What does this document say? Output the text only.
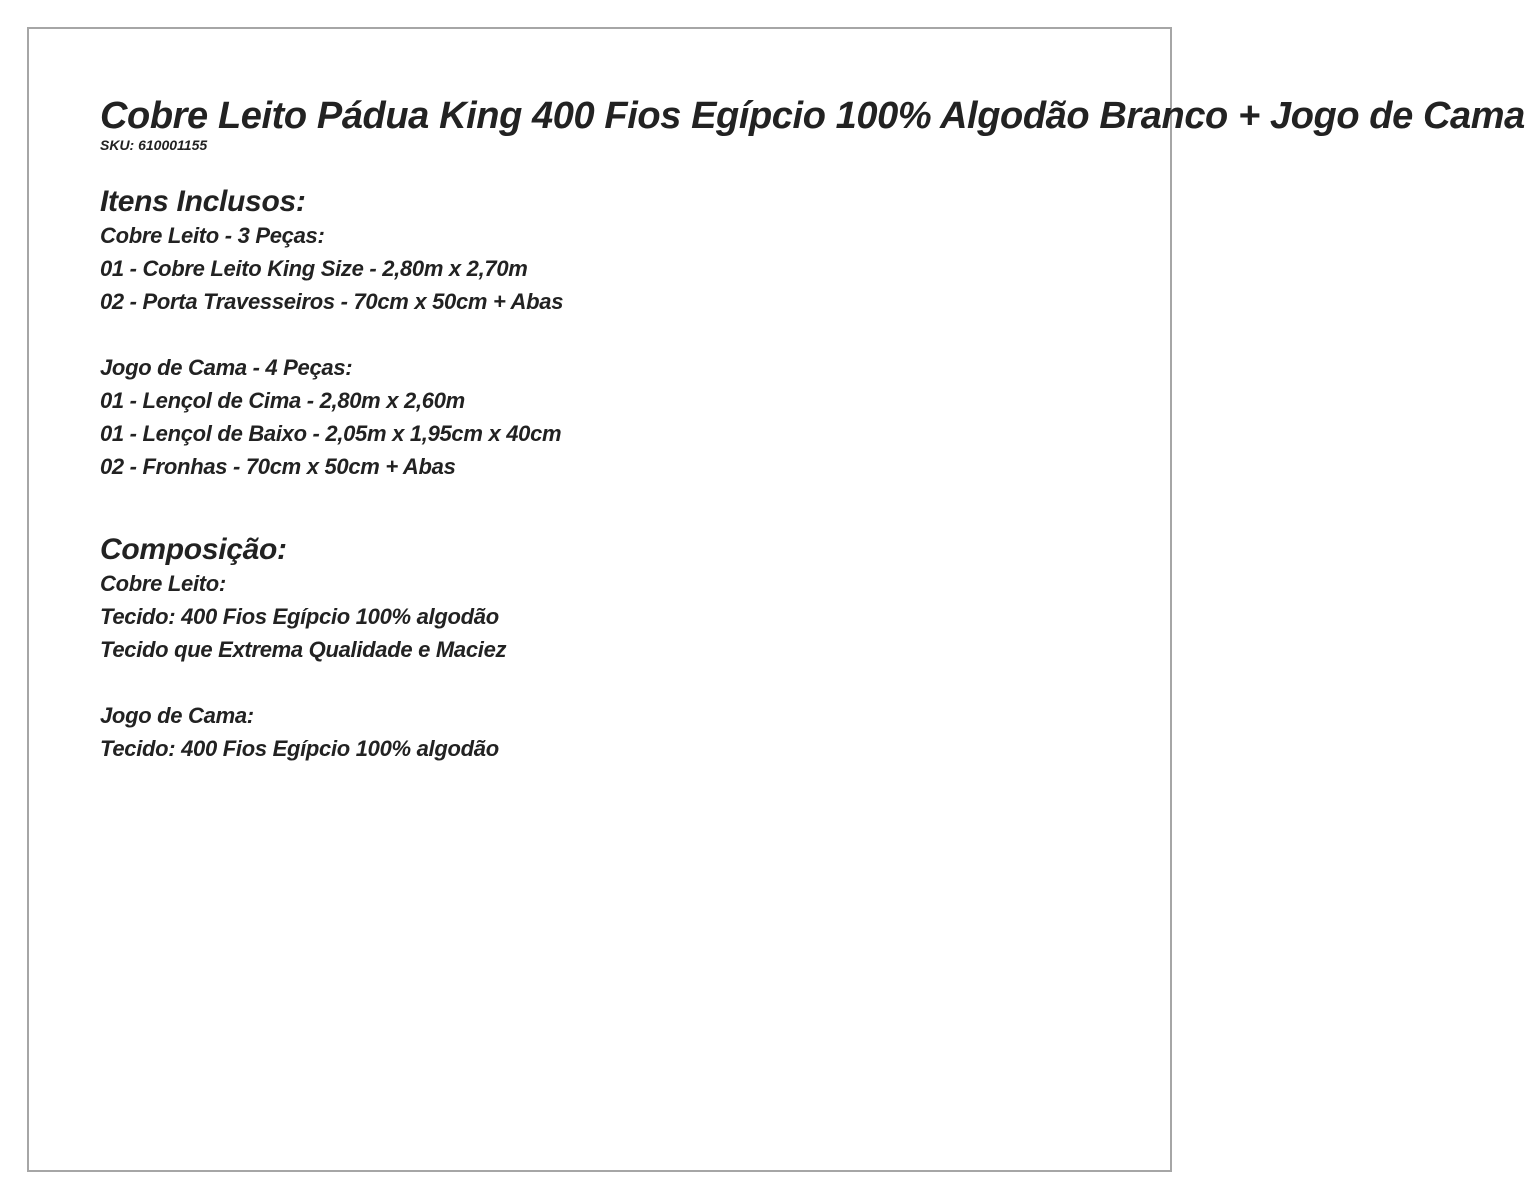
Cobre Leito Pádua King 400 Fios Egípcio 100% Algodão Branco + Jogo de Cama
SKU: 610001155
Itens Inclusos:
Cobre Leito - 3 Peças:
01 - Cobre Leito King Size - 2,80m x 2,70m
02 - Porta Travesseiros - 70cm x 50cm + Abas
Jogo de Cama - 4 Peças:
01 - Lençol de Cima - 2,80m x 2,60m
01 - Lençol de Baixo - 2,05m x 1,95cm x 40cm
02 - Fronhas - 70cm x 50cm + Abas
Composição:
Cobre Leito:
Tecido: 400 Fios Egípcio 100% algodão
Tecido que Extrema Qualidade e Maciez
Jogo de Cama:
Tecido: 400 Fios Egípcio 100% algodão
